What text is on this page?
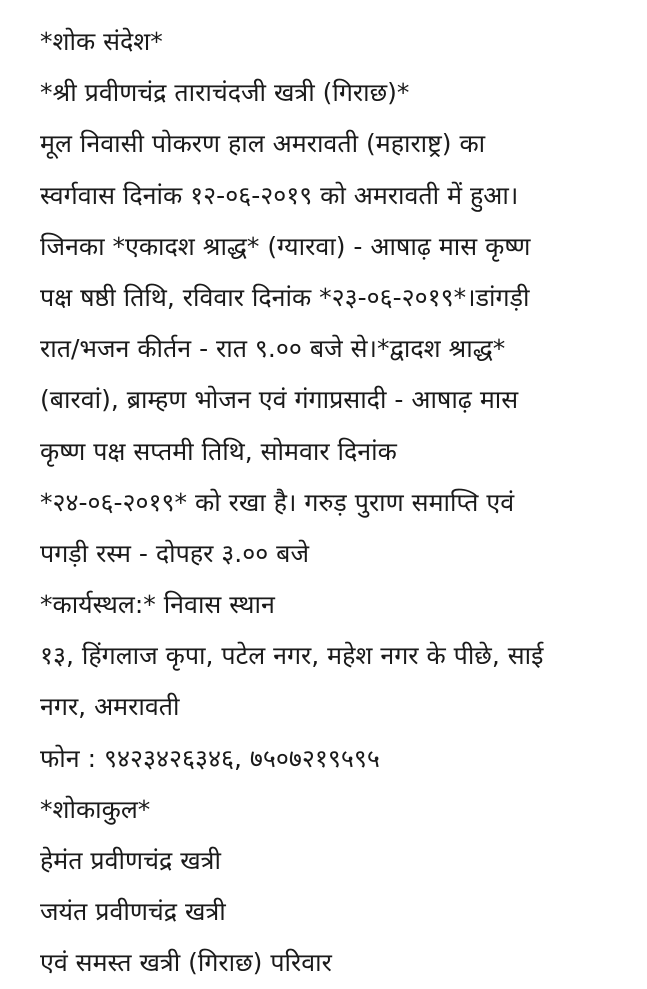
*शोक संदेश*
*श्री प्रवीणचंद्र ताराचंदजी खत्री (गिराछ)*
मूल निवासी पोकरण हाल अमरावती (महाराष्ट्र) का
स्वर्गवास दिनांक १२-०६-२०१९ को अमरावती में हुआ।
जिनका *एकादश श्राद्ध* (ग्यारवा) - आषाढ़ मास कृष्ण
पक्ष षष्ठी तिथि, रविवार दिनांक *२३-०६-२०१९*।डांगड़ी
रात/भजन कीर्तन - रात ९.०० बजे से।*द्वादश श्राद्ध*
(बारवां), ब्राम्हण भोजन एवं गंगाप्रसादी - आषाढ़ मास
कृष्ण पक्ष सप्तमी तिथि, सोमवार दिनांक
*२४-०६-२०१९* को रखा है। गरुड़ पुराण समाप्ति एवं
पगड़ी रस्म - दोपहर ३.०० बजे
*कार्यस्थल:* निवास स्थान
१३, हिंगलाज कृपा, पटेल नगर, महेश नगर के पीछे, साई
नगर, अमरावती
फोन : ९४२३४२६३४६, ७५०७२१९५९५
*शोकाकुल*
हेमंत प्रवीणचंद्र खत्री
जयंत प्रवीणचंद्र खत्री
एवं समस्त खत्री (गिराछ) परिवार
